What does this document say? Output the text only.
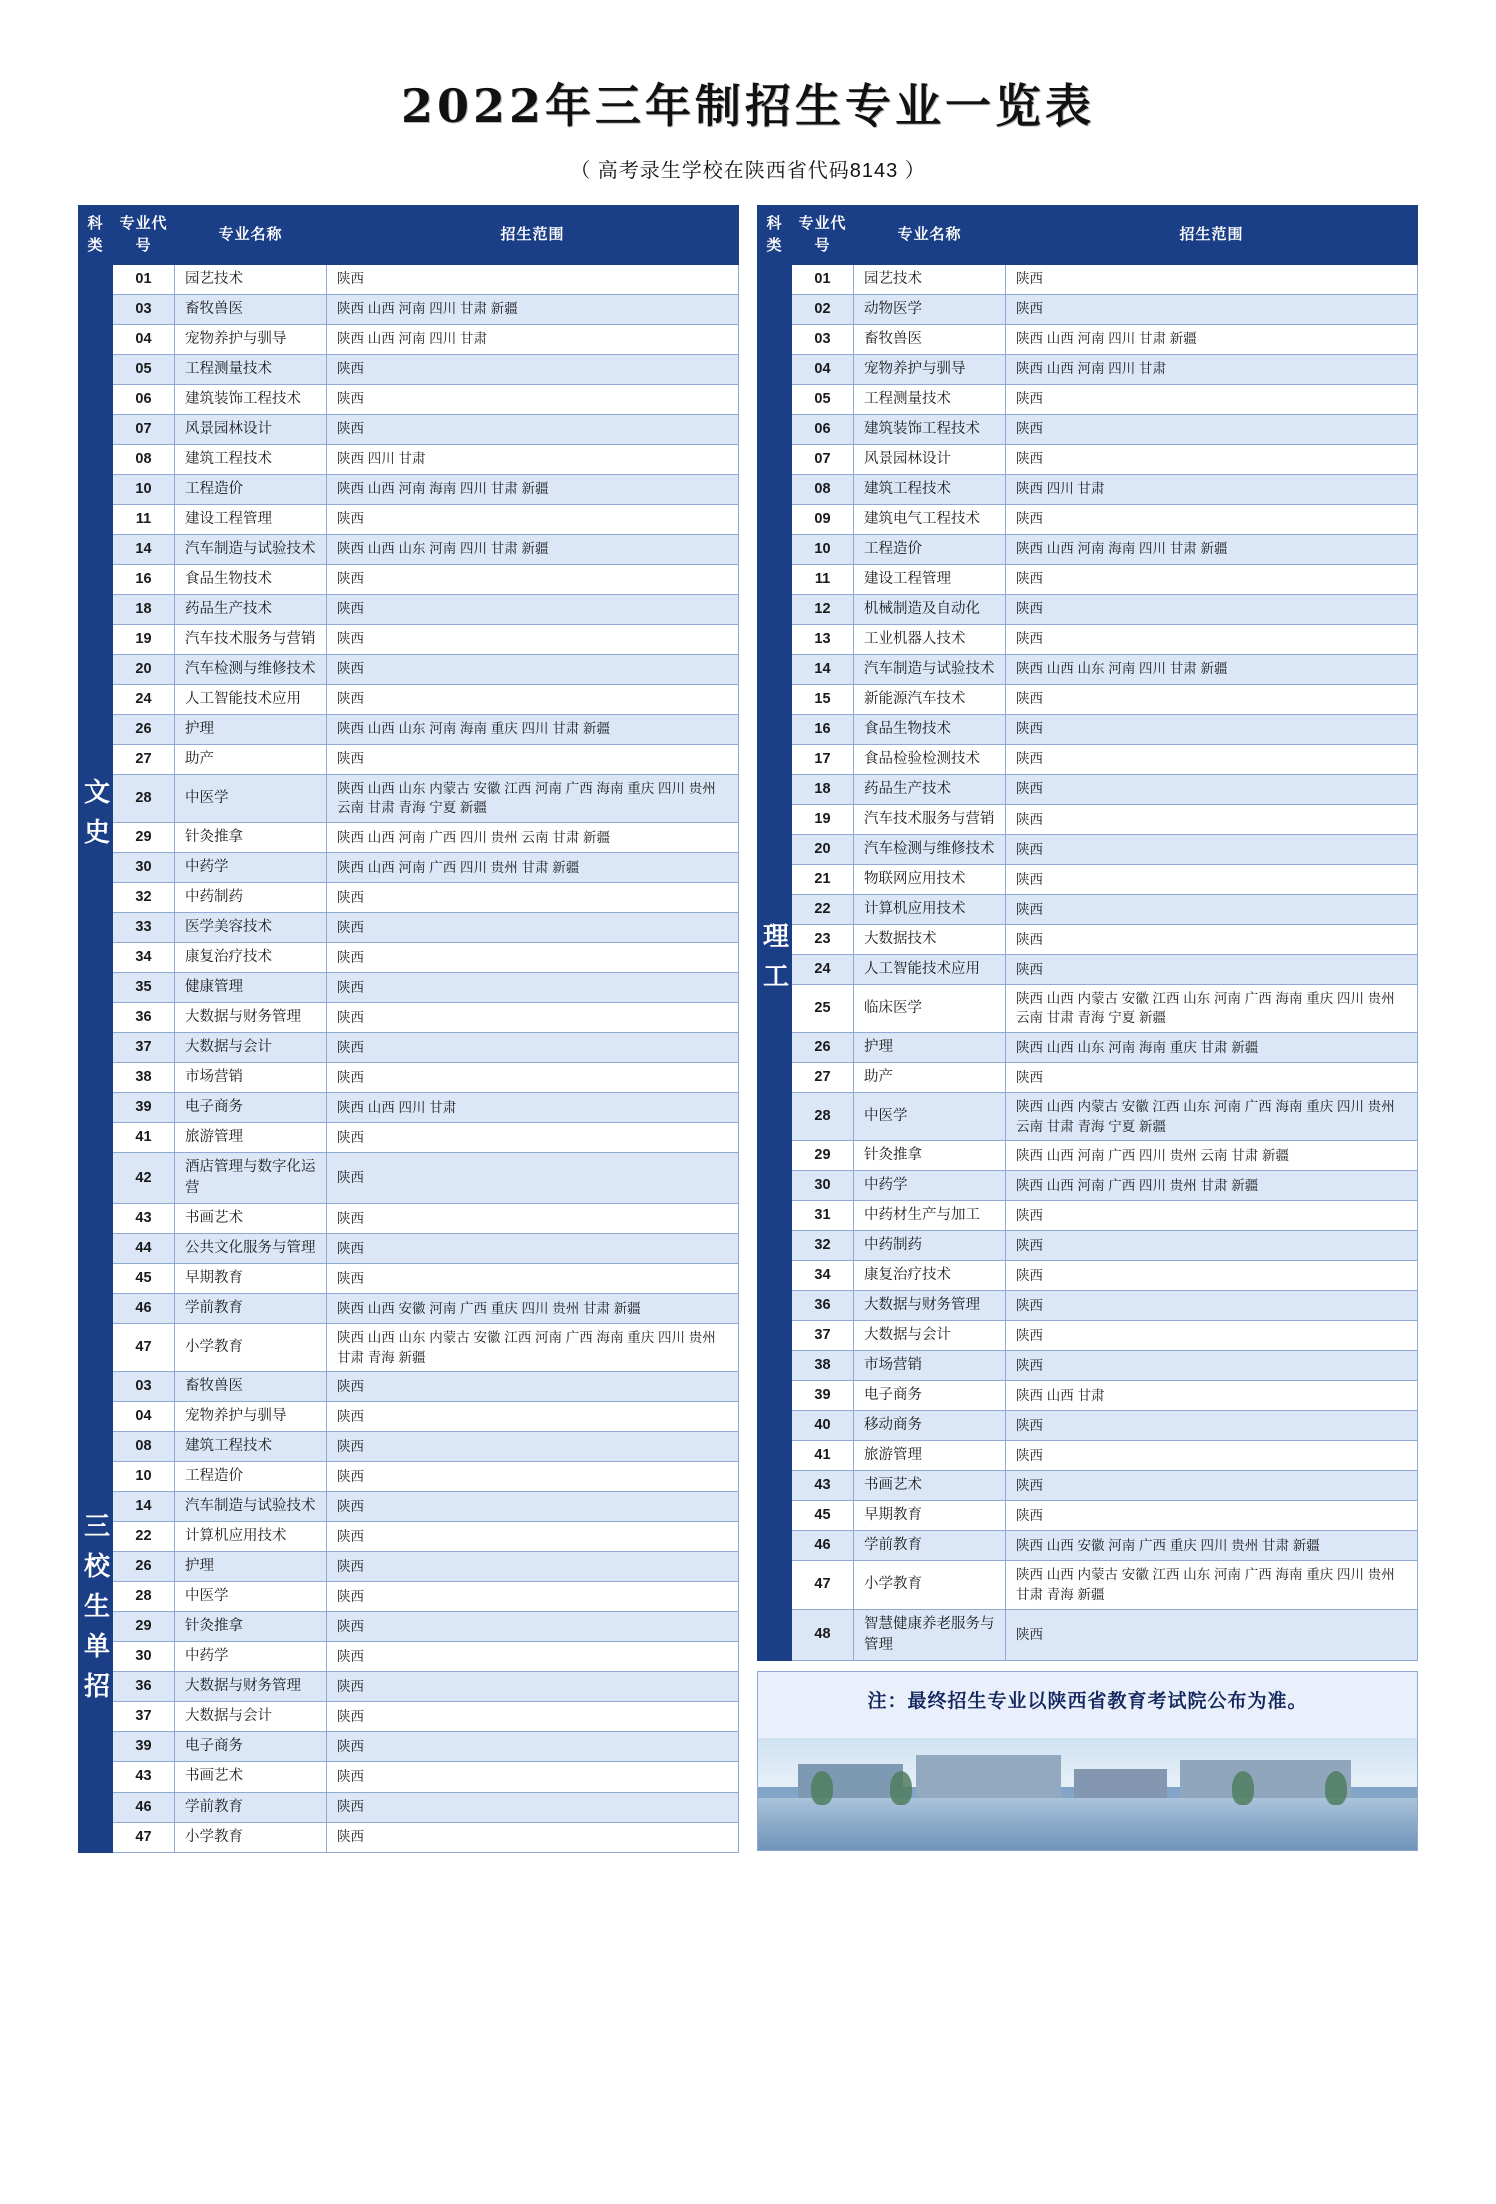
2022年三年制招生专业一览表
（ 高考录生学校在陕西省代码8143 ）
科类	专业代号	专业名称	招生范围

文史	01	园艺技术	陕西
	03	畜牧兽医	陕西 山西 河南 四川 甘肃 新疆
	04	宠物养护与驯导	陕西 山西 河南 四川 甘肃
	05	工程测量技术	陕西
	06	建筑装饰工程技术	陕西
	07	风景园林设计	陕西
	08	建筑工程技术	陕西 四川 甘肃
	10	工程造价	陕西 山西 河南 海南 四川 甘肃 新疆
	11	建设工程管理	陕西
	14	汽车制造与试验技术	陕西 山西 山东 河南 四川 甘肃 新疆
	16	食品生物技术	陕西
	18	药品生产技术	陕西
	19	汽车技术服务与营销	陕西
	20	汽车检测与维修技术	陕西
	24	人工智能技术应用	陕西
	26	护理	陕西 山西 山东 河南 海南 重庆 四川 甘肃 新疆
	27	助产	陕西
	28	中医学	陕西 山西 山东 内蒙古 安徽 江西 河南 广西 海南 重庆 四川 贵州 云南 甘肃 青海 宁夏 新疆
	29	针灸推拿	陕西 山西 河南 广西 四川 贵州 云南 甘肃 新疆
	30	中药学	陕西 山西 河南 广西 四川 贵州 甘肃 新疆
	32	中药制药	陕西
	33	医学美容技术	陕西
	34	康复治疗技术	陕西
	35	健康管理	陕西
	36	大数据与财务管理	陕西
	37	大数据与会计	陕西
	38	市场营销	陕西
	39	电子商务	陕西 山西 四川 甘肃
	41	旅游管理	陕西
	42	酒店管理与数字化运营	陕西
	43	书画艺术	陕西
	44	公共文化服务与管理	陕西
	45	早期教育	陕西
	46	学前教育	陕西 山西 安徽 河南 广西 重庆 四川 贵州 甘肃 新疆
	47	小学教育	陕西 山西 山东 内蒙古 安徽 江西 河南 广西 海南 重庆 四川 贵州 甘肃 青海 新疆

三校生单招	03	畜牧兽医	陕西
	04	宠物养护与驯导	陕西
	08	建筑工程技术	陕西
	10	工程造价	陕西
	14	汽车制造与试验技术	陕西
	22	计算机应用技术	陕西
	26	护理	陕西
	28	中医学	陕西
	29	针灸推拿	陕西
	30	中药学	陕西
	36	大数据与财务管理	陕西
	37	大数据与会计	陕西
	39	电子商务	陕西
	43	书画艺术	陕西
	46	学前教育	陕西
	47	小学教育	陕西
科类	专业代号	专业名称	招生范围

理工	01	园艺技术	陕西
	02	动物医学	陕西
	03	畜牧兽医	陕西 山西 河南 四川 甘肃 新疆
	04	宠物养护与驯导	陕西 山西 河南 四川 甘肃
	05	工程测量技术	陕西
	06	建筑装饰工程技术	陕西
	07	风景园林设计	陕西
	08	建筑工程技术	陕西 四川 甘肃
	09	建筑电气工程技术	陕西
	10	工程造价	陕西 山西 河南 海南 四川 甘肃 新疆
	11	建设工程管理	陕西
	12	机械制造及自动化	陕西
	13	工业机器人技术	陕西
	14	汽车制造与试验技术	陕西 山西 山东 河南 四川 甘肃 新疆
	15	新能源汽车技术	陕西
	16	食品生物技术	陕西
	17	食品检验检测技术	陕西
	18	药品生产技术	陕西
	19	汽车技术服务与营销	陕西
	20	汽车检测与维修技术	陕西
	21	物联网应用技术	陕西
	22	计算机应用技术	陕西
	23	大数据技术	陕西
	24	人工智能技术应用	陕西
	25	临床医学	陕西 山西 内蒙古 安徽 江西 山东 河南 广西 海南 重庆 四川 贵州 云南 甘肃 青海 宁夏 新疆
	26	护理	陕西 山西 山东 河南 海南 重庆 甘肃 新疆
	27	助产	陕西
	28	中医学	陕西 山西 内蒙古 安徽 江西 山东 河南 广西 海南 重庆 四川 贵州 云南 甘肃 青海 宁夏 新疆
	29	针灸推拿	陕西 山西 河南 广西 四川 贵州 云南 甘肃 新疆
	30	中药学	陕西 山西 河南 广西 四川 贵州 甘肃 新疆
	31	中药材生产与加工	陕西
	32	中药制药	陕西
	34	康复治疗技术	陕西
	36	大数据与财务管理	陕西
	37	大数据与会计	陕西
	38	市场营销	陕西
	39	电子商务	陕西 山西 甘肃
	40	移动商务	陕西
	41	旅游管理	陕西
	43	书画艺术	陕西
	45	早期教育	陕西
	46	学前教育	陕西 山西 安徽 河南 广西 重庆 四川 贵州 甘肃 新疆
	47	小学教育	陕西 山西 内蒙古 安徽 江西 山东 河南 广西 海南 重庆 四川 贵州 甘肃 青海 新疆
	48	智慧健康养老服务与管理	陕西
注：最终招生专业以陕西省教育考试院公布为准。
